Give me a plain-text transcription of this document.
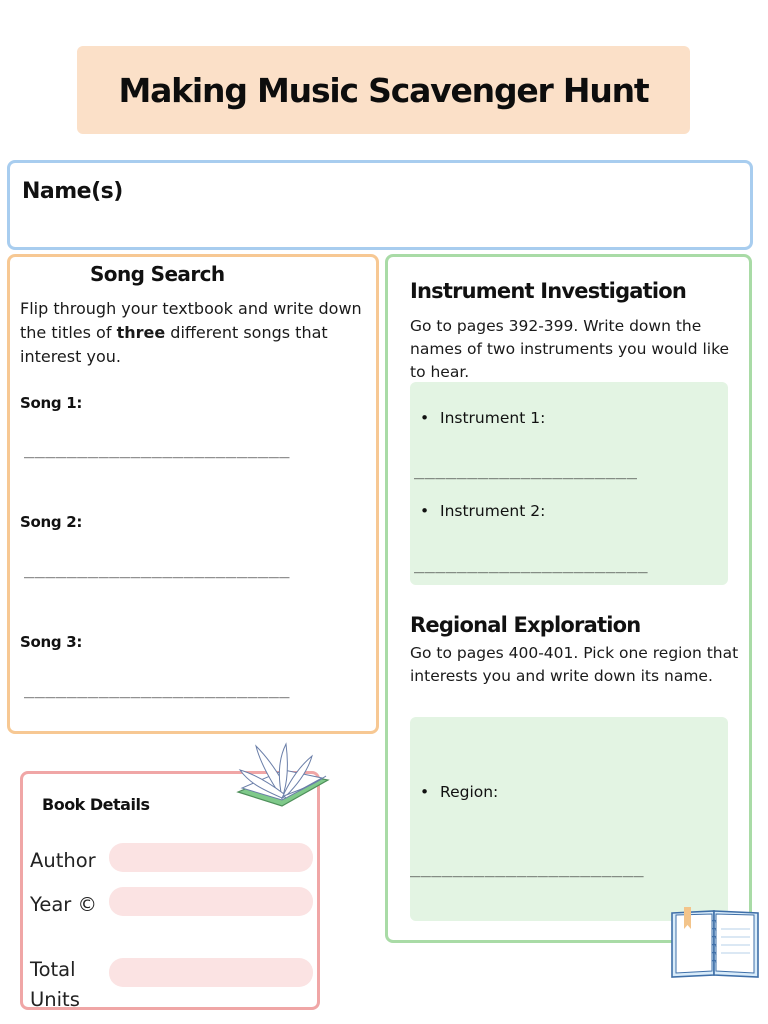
Making Music Scavenger Hunt
Name(s)
Song Search
Flip through your textbook and write down the titles of three different songs that interest you.
Song 1:
_________________________
Song 2:
_________________________
Song 3:
_________________________
Instrument Investigation
Go to pages 392-399. Write down the names of two instruments you would like to hear.
• Instrument 1:
_____________________
• Instrument 2:
______________________
Regional Exploration
Go to pages 400-401. Pick one region that interests you and write down its name.
• Region:
______________________
Book Details
Author
Year ©
Total Units
